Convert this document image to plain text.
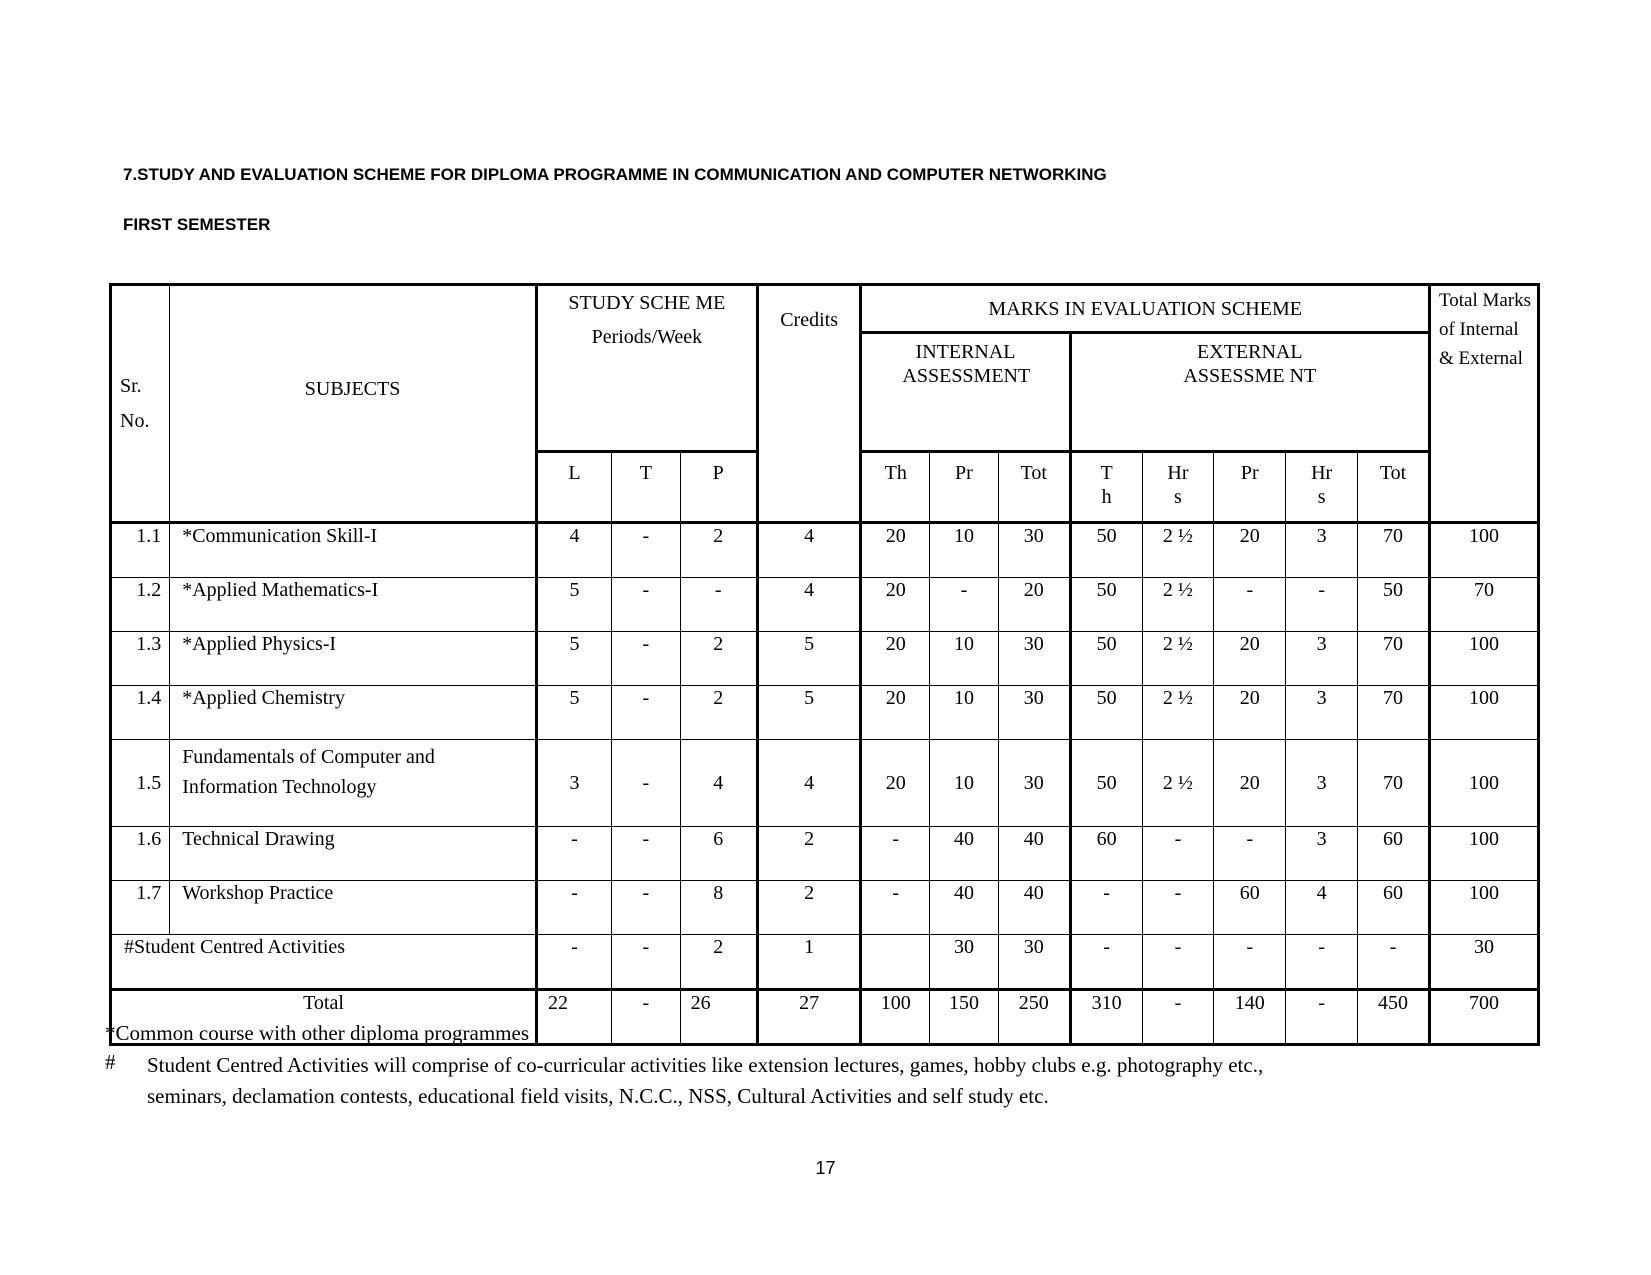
7.STUDY AND EVALUATION SCHEME FOR DIPLOMA PROGRAMME IN COMMUNICATION AND COMPUTER NETWORKING
FIRST SEMESTER
Sr. No.	SUBJECTS	STUDY SCHE ME Periods/Week			Credits	MARKS IN EVALUATION SCHEME								Total Marks of Internal & External
						INTERNAL ASSESSMENT			EXTERNAL ASSESSME NT					
		L	T	P		Th	Pr	Tot	T h	Hr s	Pr	Hr s	Tot	
1.1	*Communication Skill-I	4	-	2	4	20	10	30	50	2 ½	20	3	70	100
1.2	*Applied Mathematics-I	5	-	-	4	20	-	20	50	2 ½	-	-	50	70
1.3	*Applied Physics-I	5	-	2	5	20	10	30	50	2 ½	20	3	70	100
1.4	*Applied Chemistry	5	-	2	5	20	10	30	50	2 ½	20	3	70	100
1.5	Fundamentals of Computer and Information Technology	3	-	4	4	20	10	30	50	2 ½	20	3	70	100
1.6	Technical Drawing	-	-	6	2	-	40	40	60	-	-	3	60	100
1.7	Workshop Practice	-	-	8	2	-	40	40	-	-	60	4	60	100
#Student Centred Activities		-	-	2	1		30	30	-	-	-	-	-	30
Total		22	-	26	27	100	150	250	310	-	140	-	450	700
*Common course with other diploma programmes
# Student Centred Activities will comprise of co-curricular activities like extension lectures, games, hobby clubs e.g. photography etc., seminars, declamation contests, educational field visits, N.C.C., NSS, Cultural Activities and self study etc.
17
